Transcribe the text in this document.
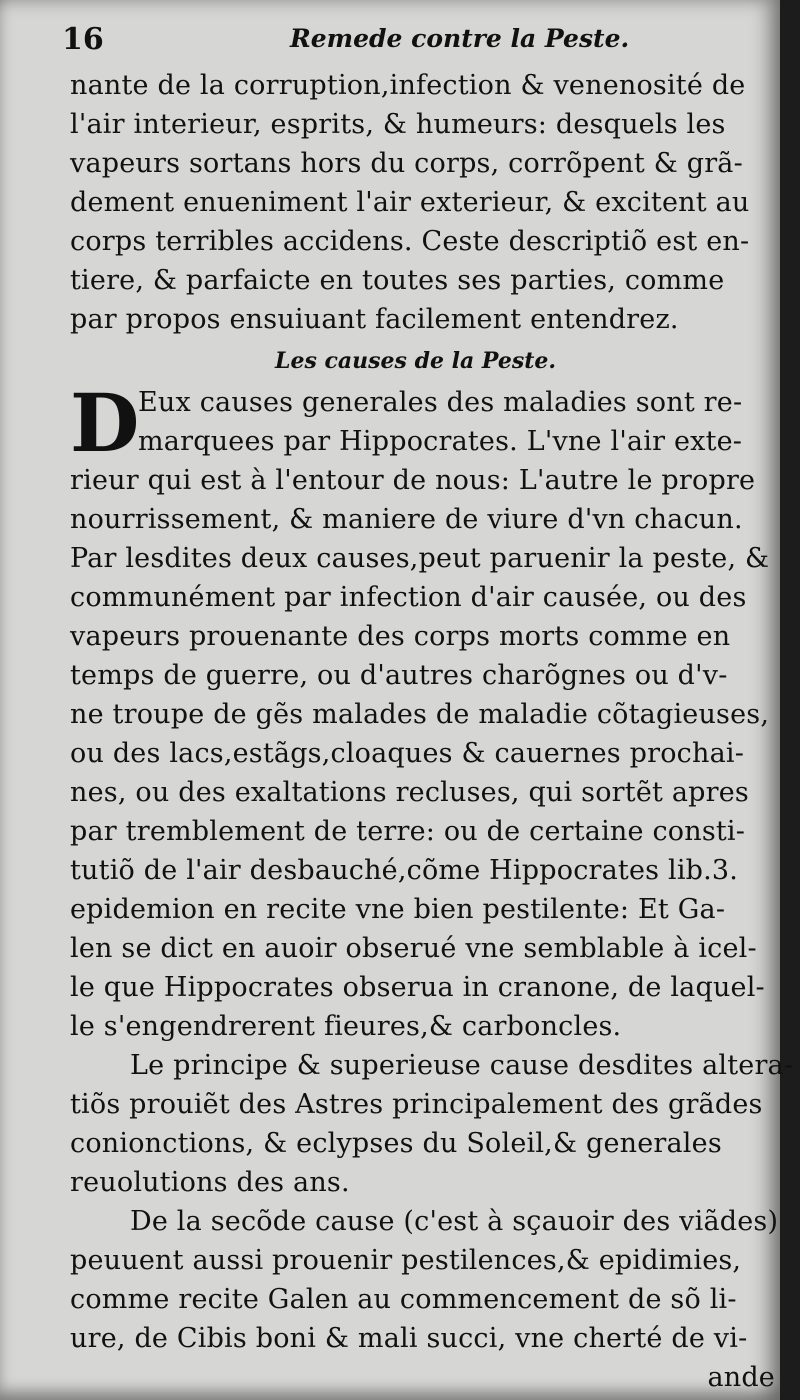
16	Remede contre la Peste.
nante de la corruption,infection & venenosité de
l'air interieur, esprits, & humeurs: desquels les
vapeurs sortans hors du corps, corrõpent & grã-
dement enueniment l'air exterieur, & excitent au
corps terribles accidens. Ceste descriptiõ est en-
tiere, & parfaicte en toutes ses parties, comme
par propos ensuiuant facilement entendrez.
Les causes de la Peste.
D
Eux causes generales des maladies sont re-
marquees par Hippocrates. L'vne l'air exte-
rieur qui est à l'entour de nous: L'autre le propre
nourrissement, & maniere de viure d'vn chacun.
Par lesdites deux causes,peut paruenir la peste, &
communément par infection d'air causée, ou des
vapeurs prouenante des corps morts comme en
temps de guerre, ou d'autres charõgnes ou d'v-
ne troupe de gẽs malades de maladie cõtagieuses,
ou des lacs,estãgs,cloaques & cauernes prochai-
nes, ou des exaltations recluses, qui sortẽt apres
par tremblement de terre: ou de certaine consti-
tutiõ de l'air desbauché,cõme Hippocrates lib.3.
epidemion en recite vne bien pestilente: Et Ga-
len se dict en auoir obserué vne semblable à icel-
le que Hippocrates obserua in cranone, de laquel-
le s'engendrerent fieures,& carboncles.
Le principe & superieuse cause desdites altera-
tiõs prouiẽt des Astres principalement des grãdes
conionctions, & eclypses du Soleil,& generales
reuolutions des ans.
De la secõde cause (c'est à sçauoir des viãdes)
peuuent aussi prouenir pestilences,& epidimies,
comme recite Galen au commencement de sõ li-
ure, de Cibis boni & mali succi, vne cherté de vi-
ande
